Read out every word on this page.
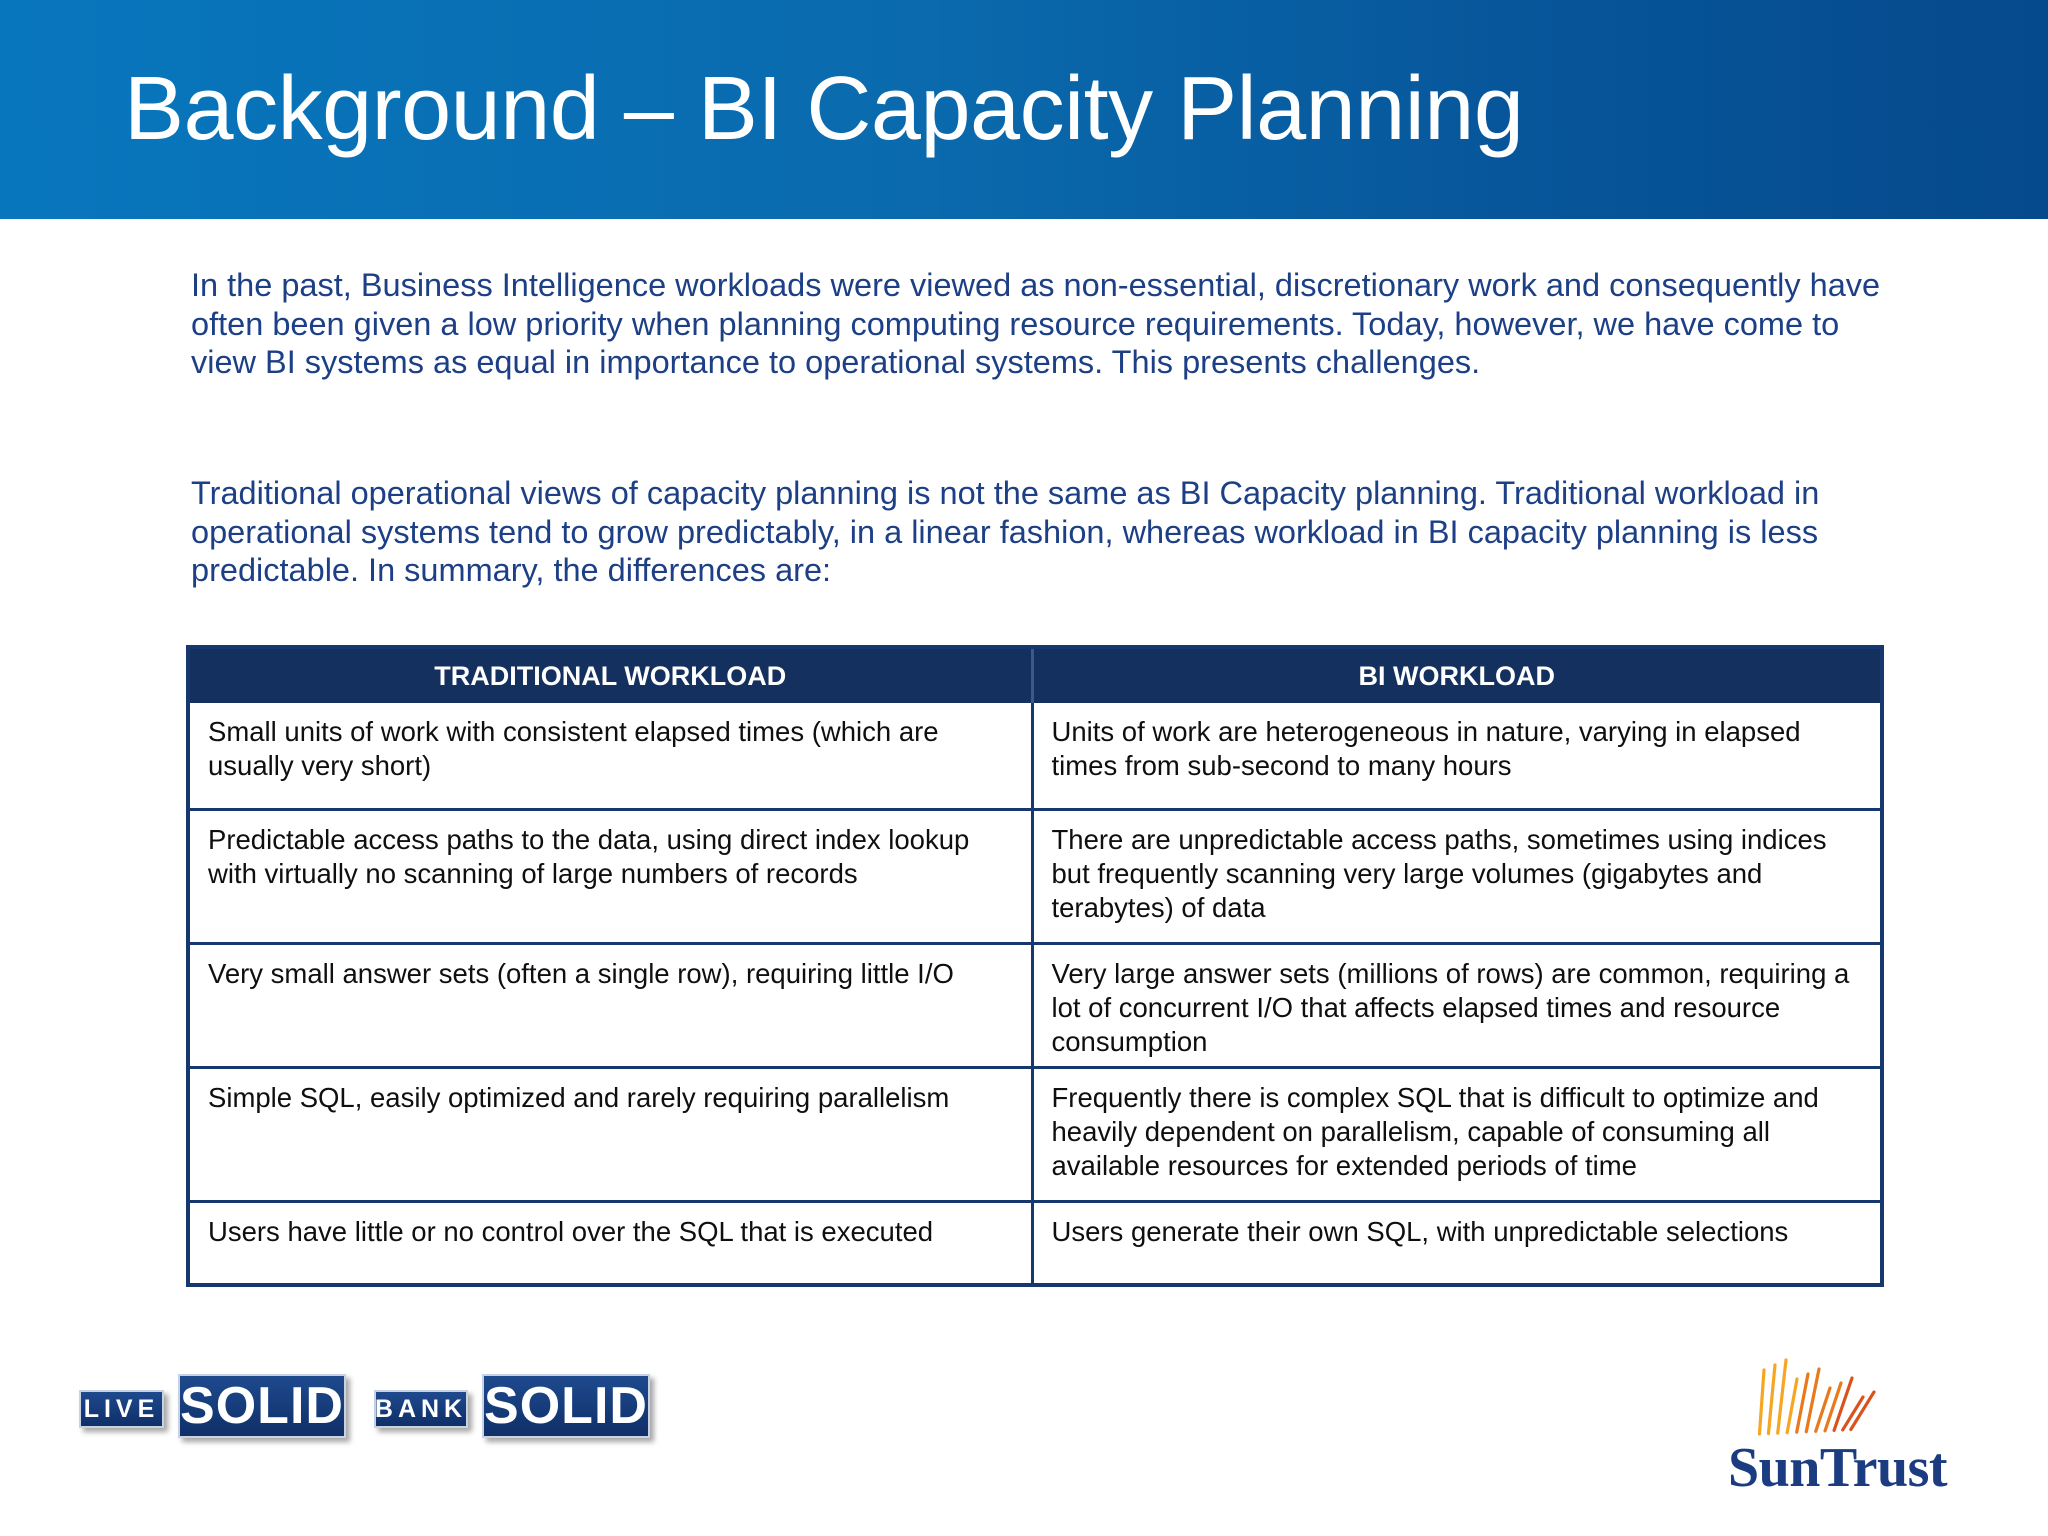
Background – BI Capacity Planning
In the past, Business Intelligence workloads were viewed as non-essential, discretionary work and consequently have often been given a low priority when planning computing resource requirements. Today, however, we have come to view BI systems as equal in importance to operational systems. This presents challenges.
Traditional operational views of capacity planning is not the same as BI Capacity planning. Traditional workload in operational systems tend to grow predictably, in a linear fashion, whereas workload in BI capacity planning is less predictable. In summary, the differences are:
TRADITIONAL WORKLOAD	BI WORKLOAD
Small units of work with consistent elapsed times (which are usually very short)	Units of work are heterogeneous in nature, varying in elapsed times from sub-second to many hours
Predictable access paths to the data, using direct index lookup with virtually no scanning of large numbers of records	There are unpredictable access paths, sometimes using indices but frequently scanning very large volumes (gigabytes and terabytes) of data
Very small answer sets (often a single row), requiring little I/O	Very large answer sets (millions of rows) are common, requiring a lot of concurrent I/O that affects elapsed times and resource consumption
Simple SQL, easily optimized and rarely requiring parallelism	Frequently there is complex SQL that is difficult to optimize and heavily dependent on parallelism, capable of consuming all available resources for extended periods of time
Users have little or no control over the SQL that is executed	Users generate their own SQL, with unpredictable selections
LIVE SOLID BANK SOLID
SunTrust
